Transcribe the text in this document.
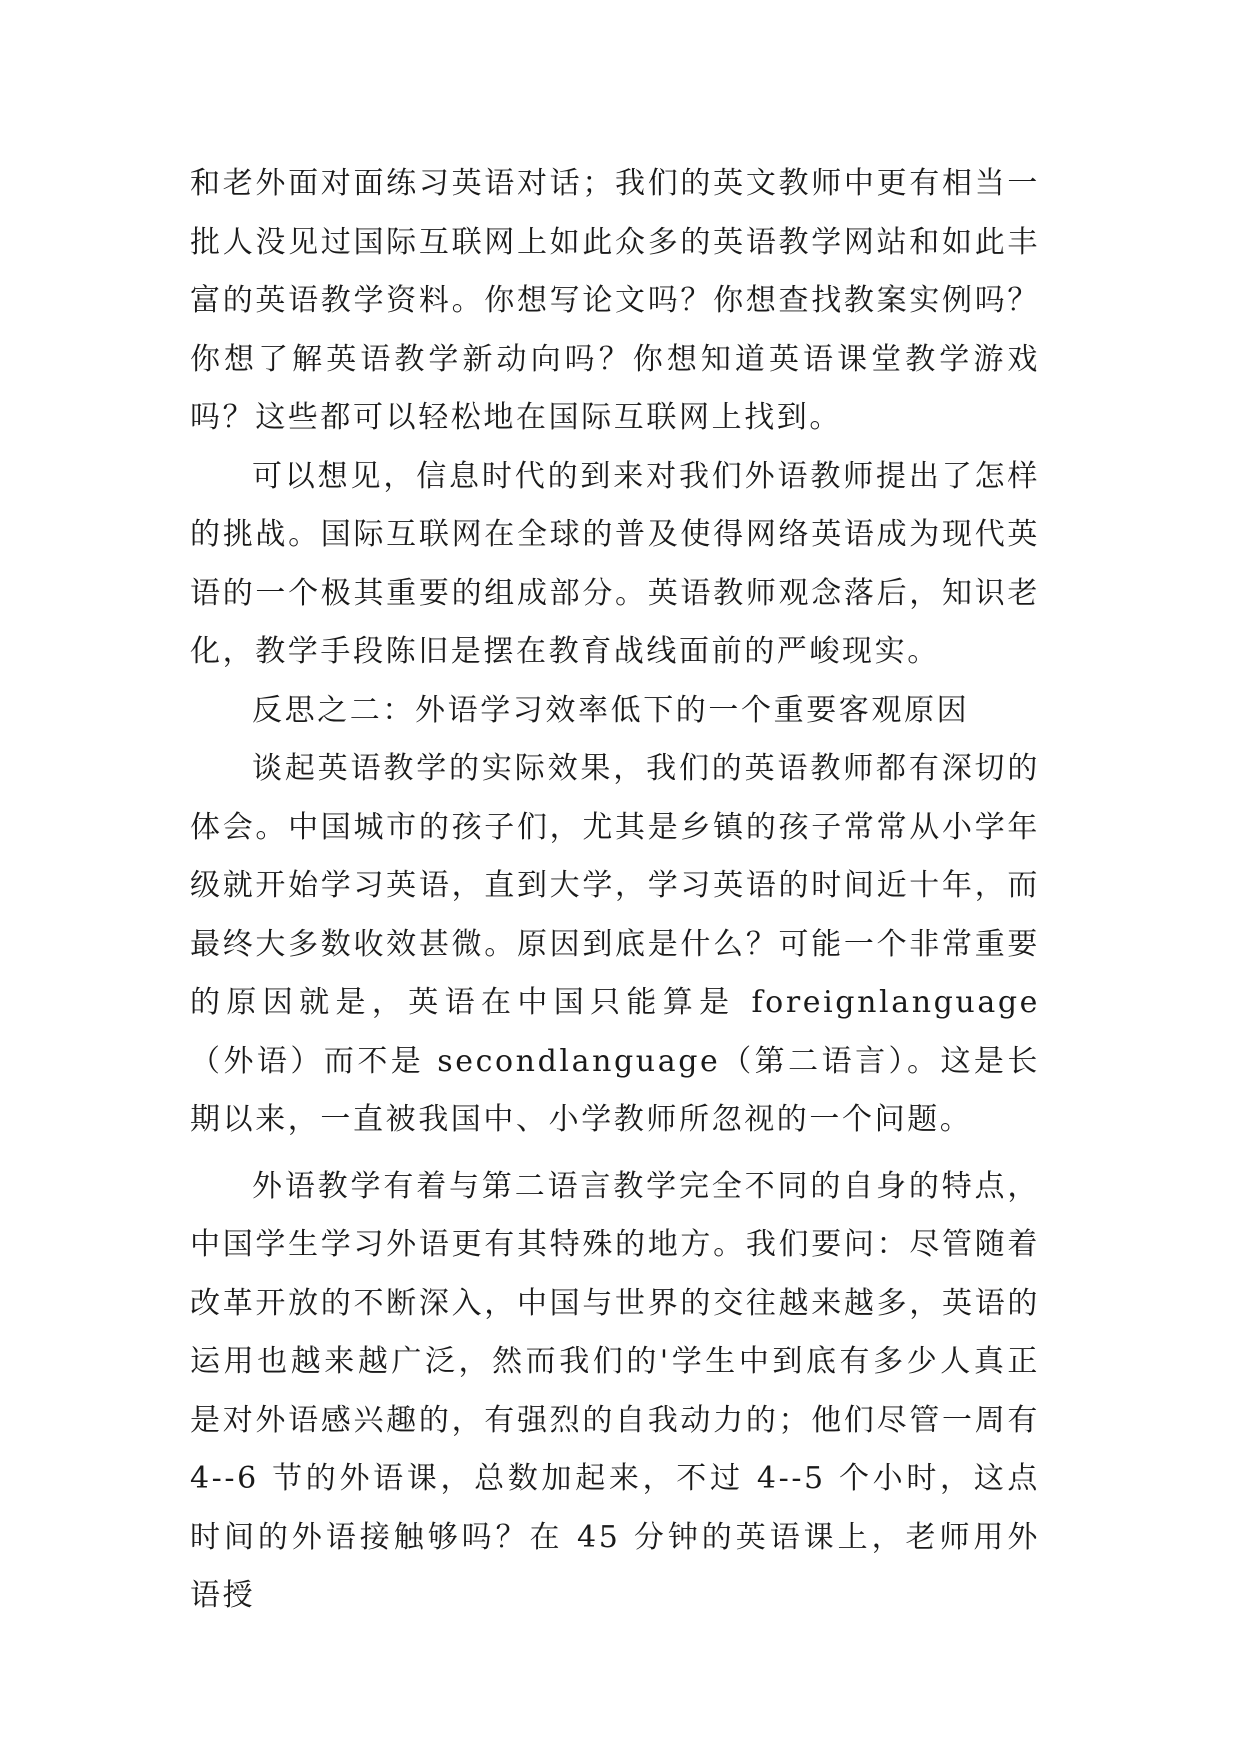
和老外面对面练习英语对话；我们的英文教师中更有相当一批人没见过国际互联网上如此众多的英语教学网站和如此丰富的英语教学资料。你想写论文吗？你想查找教案实例吗？你想了解英语教学新动向吗？你想知道英语课堂教学游戏吗？这些都可以轻松地在国际互联网上找到。

可以想见，信息时代的到来对我们外语教师提出了怎样的挑战。国际互联网在全球的普及使得网络英语成为现代英语的一个极其重要的组成部分。英语教师观念落后，知识老化，教学手段陈旧是摆在教育战线面前的严峻现实。

反思之二：外语学习效率低下的一个重要客观原因

谈起英语教学的实际效果，我们的英语教师都有深切的体会。中国城市的孩子们，尤其是乡镇的孩子常常从小学年级就开始学习英语，直到大学，学习英语的时间近十年，而最终大多数收效甚微。原因到底是什么？可能一个非常重要的原因就是，英语在中国只能算是 foreignlanguage（外语）而不是 secondlanguage（第二语言）。这是长期以来，一直被我国中、小学教师所忽视的一个问题。

外语教学有着与第二语言教学完全不同的自身的特点，中国学生学习外语更有其特殊的地方。我们要问：尽管随着改革开放的不断深入，中国与世界的交往越来越多，英语的运用也越来越广泛，然而我们的'学生中到底有多少人真正是对外语感兴趣的，有强烈的自我动力的；他们尽管一周有 4--6 节的外语课，总数加起来，不过 4--5 个小时，这点时间的外语接触够吗？在 45 分钟的英语课上，老师用外语授
